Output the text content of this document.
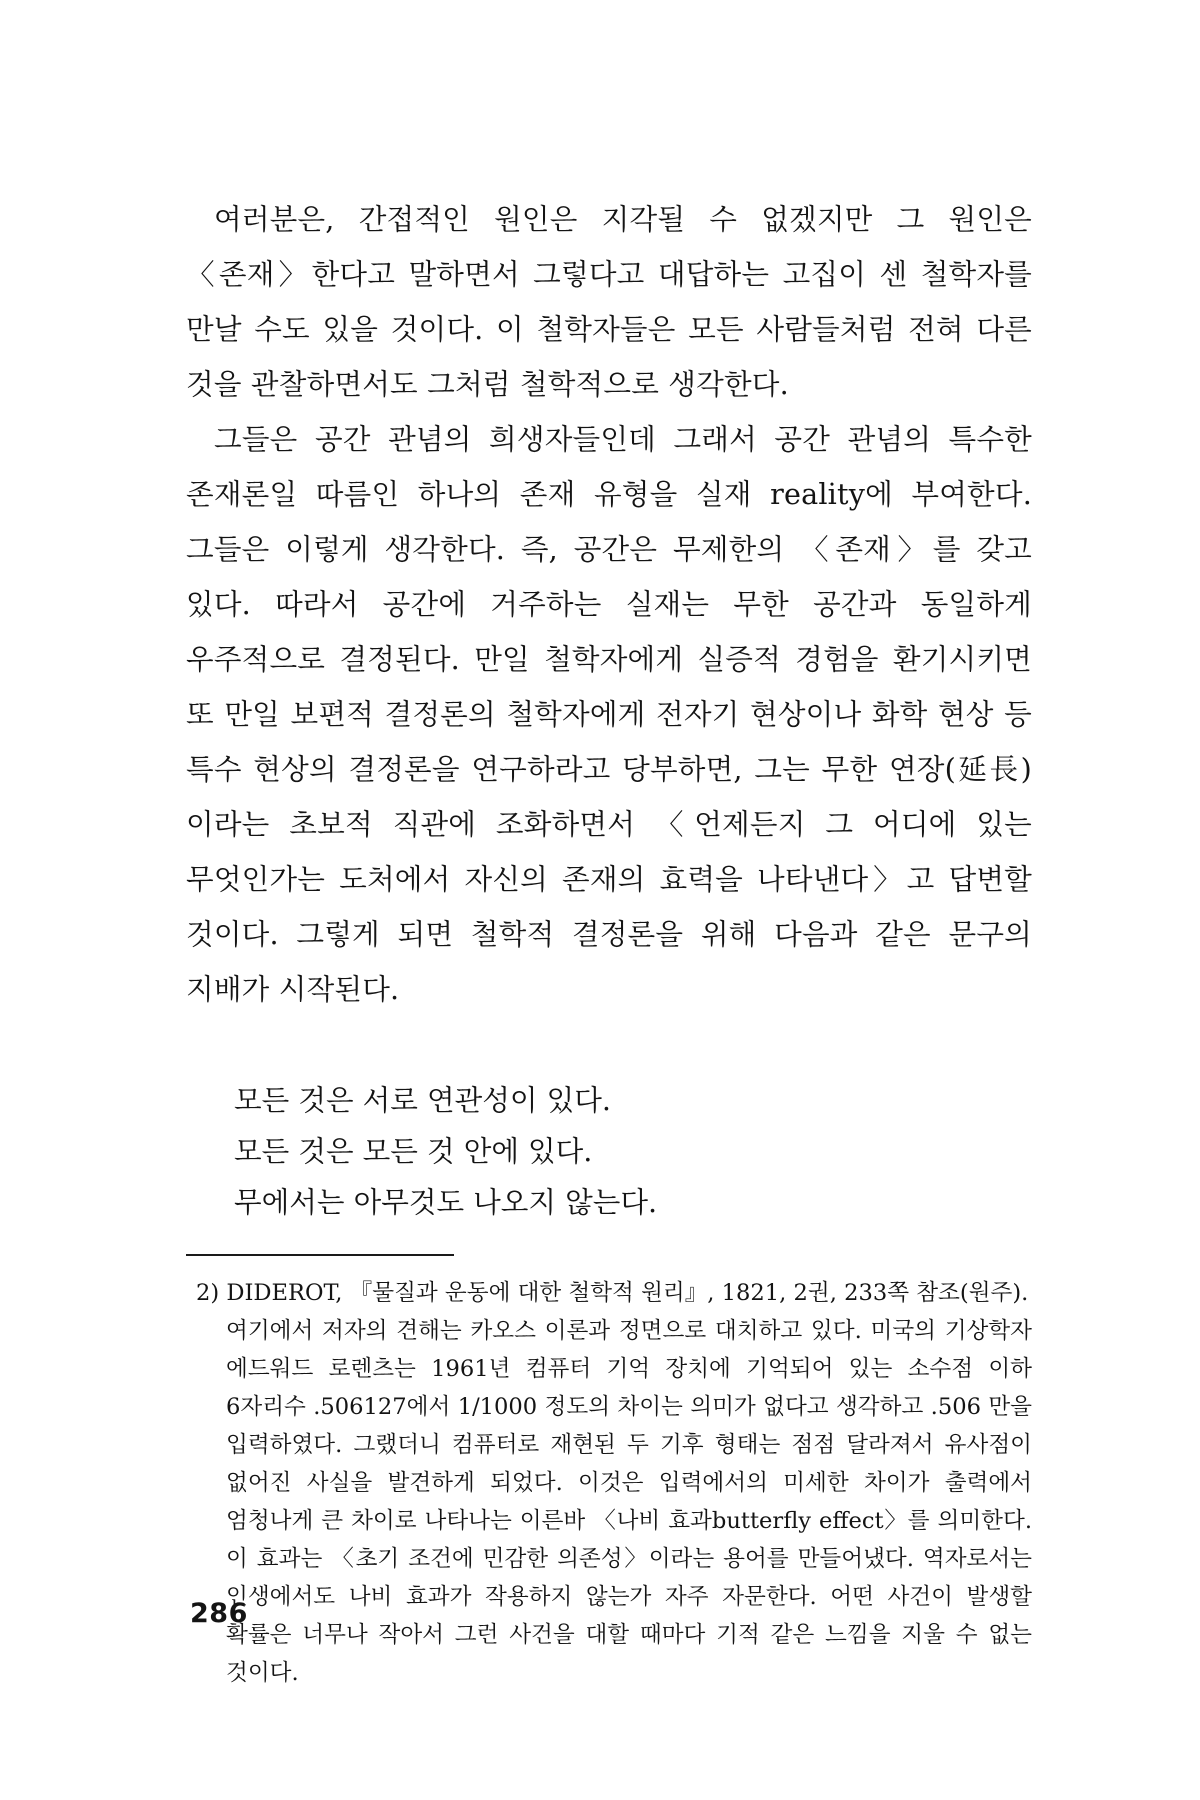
여러분은, 간접적인 원인은 지각될 수 없겠지만 그 원인은 〈존재〉한다고 말하면서 그렇다고 대답하는 고집이 센 철학자를 만날 수도 있을 것이다. 이 철학자들은 모든 사람들처럼 전혀 다른 것을 관찰하면서도 그처럼 철학적으로 생각한다.

그들은 공간 관념의 희생자들인데 그래서 공간 관념의 특수한 존재론일 따름인 하나의 존재 유형을 실재 reality에 부여한다. 그들은 이렇게 생각한다. 즉, 공간은 무제한의 〈존재〉를 갖고 있다. 따라서 공간에 거주하는 실재는 무한 공간과 동일하게 우주적으로 결정된다. 만일 철학자에게 실증적 경험을 환기시키면 또 만일 보편적 결정론의 철학자에게 전자기 현상이나 화학 현상 등 특수 현상의 결정론을 연구하라고 당부하면, 그는 무한 연장(延長)이라는 초보적 직관에 조화하면서 〈언제든지 그 어디에 있는 무엇인가는 도처에서 자신의 존재의 효력을 나타낸다〉고 답변할 것이다. 그렇게 되면 철학적 결정론을 위해 다음과 같은 문구의 지배가 시작된다.

모든 것은 서로 연관성이 있다.
모든 것은 모든 것 안에 있다.
무에서는 아무것도 나오지 않는다.
2) DIDEROT, 『물질과 운동에 대한 철학적 원리』, 1821, 2권, 233쪽 참조(원주).
여기에서 저자의 견해는 카오스 이론과 정면으로 대치하고 있다. 미국의 기상학자 에드워드 로렌츠는 1961년 컴퓨터 기억 장치에 기억되어 있는 소수점 이하 6자리수 .506127에서 1/1000 정도의 차이는 의미가 없다고 생각하고 .506 만을 입력하였다. 그랬더니 컴퓨터로 재현된 두 기후 형태는 점점 달라져서 유사점이 없어진 사실을 발견하게 되었다. 이것은 입력에서의 미세한 차이가 출력에서 엄청나게 큰 차이로 나타나는 이른바 〈나비 효과butterfly effect〉를 의미한다. 이 효과는 〈초기 조건에 민감한 의존성〉이라는 용어를 만들어냈다. 역자로서는 인생에서도 나비 효과가 작용하지 않는가 자주 자문한다. 어떤 사건이 발생할 확률은 너무나 작아서 그런 사건을 대할 때마다 기적 같은 느낌을 지울 수 없는 것이다.
286
